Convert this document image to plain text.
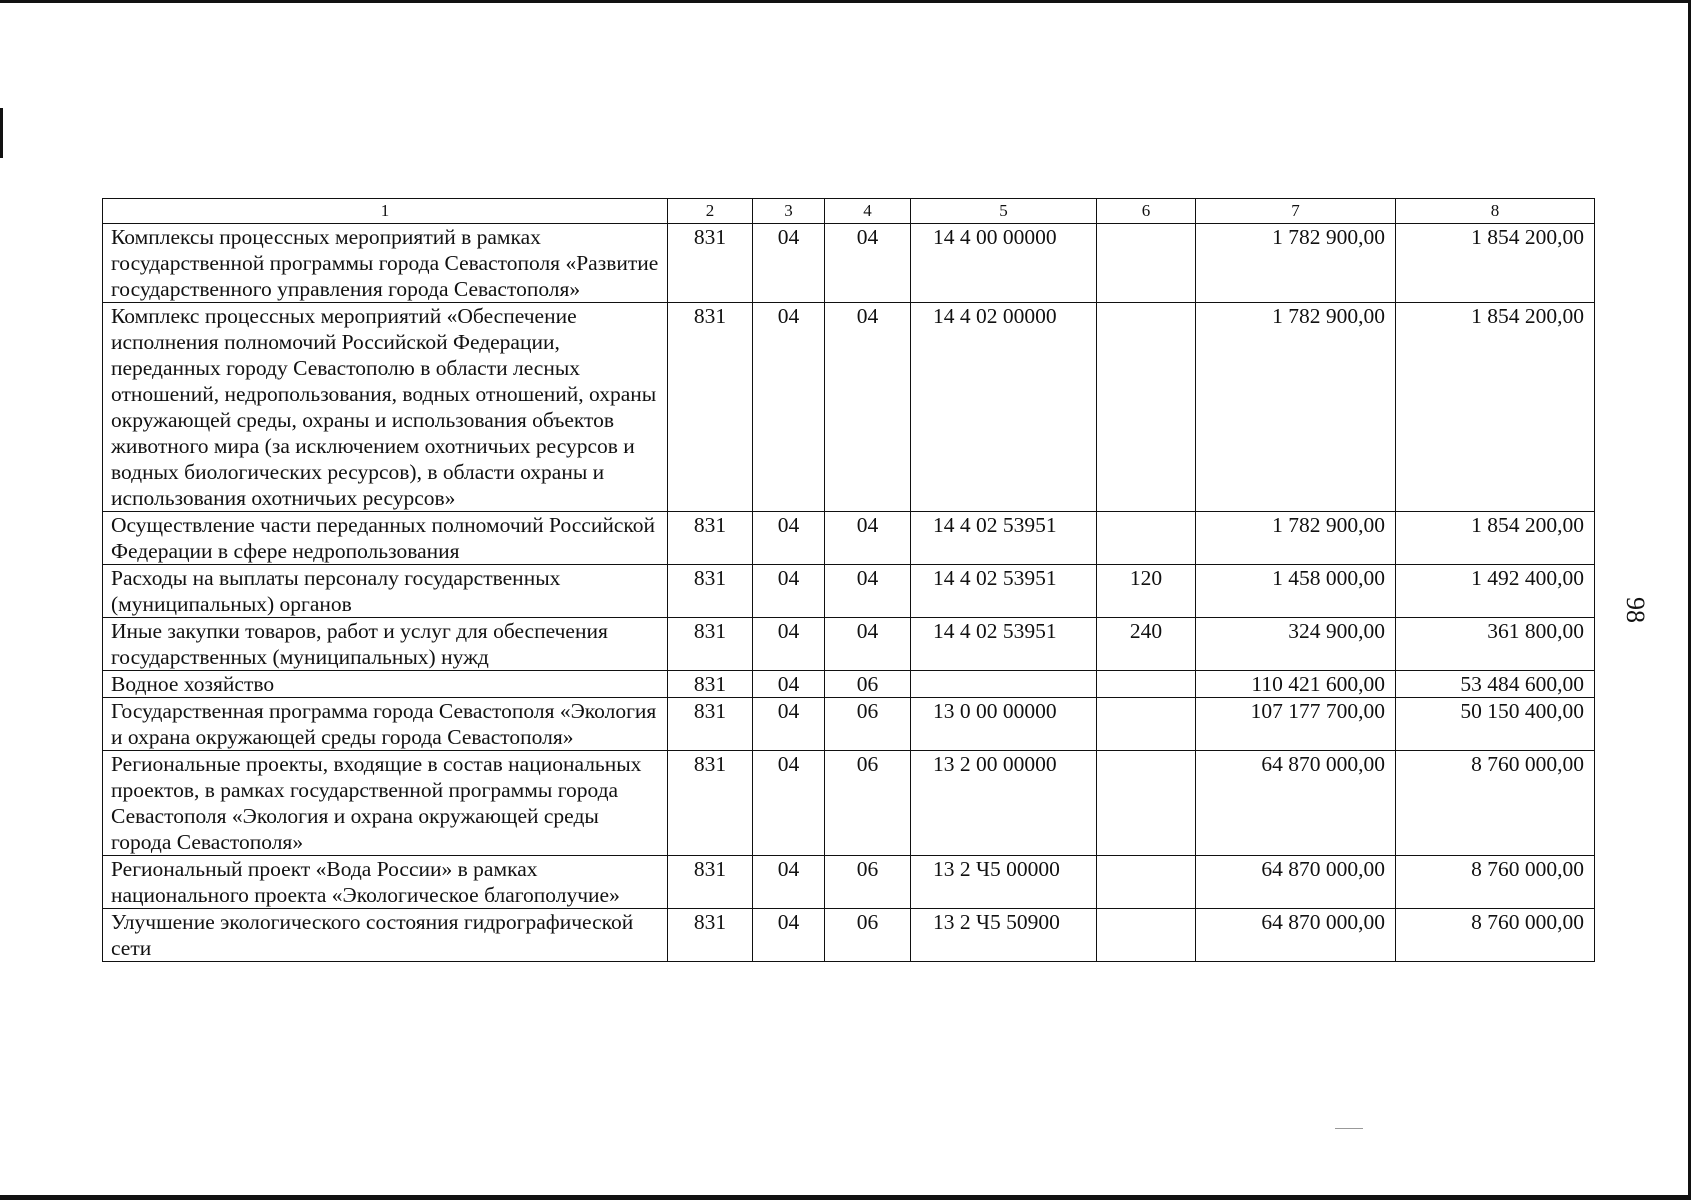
98
1	2	3	4	5	6	7	8
Комплексы процессных мероприятий в рамках государственной программы города Севастополя «Развитие государственного управления города Севастополя»	831	04	04	14 4 00 00000		1 782 900,00	1 854 200,00
Комплекс процессных мероприятий «Обеспечение исполнения полномочий Российской Федерации, переданных городу Севастополю в области лесных отношений, недропользования, водных отношений, охраны окружающей среды, охраны и использования объектов животного мира (за исключением охотничьих ресурсов и водных биологических ресурсов), в области охраны и использования охотничьих ресурсов»	831	04	04	14 4 02 00000		1 782 900,00	1 854 200,00
Осуществление части переданных полномочий Российской Федерации в сфере недропользования	831	04	04	14 4 02 53951		1 782 900,00	1 854 200,00
Расходы на выплаты персоналу государственных (муниципальных) органов	831	04	04	14 4 02 53951	120	1 458 000,00	1 492 400,00
Иные закупки товаров, работ и услуг для обеспечения государственных (муниципальных) нужд	831	04	04	14 4 02 53951	240	324 900,00	361 800,00
Водное хозяйство	831	04	06			110 421 600,00	53 484 600,00
Государственная программа города Севастополя «Экология и охрана окружающей среды города Севастополя»	831	04	06	13 0 00 00000		107 177 700,00	50 150 400,00
Региональные проекты, входящие в состав национальных проектов, в рамках государственной программы города Севастополя «Экология и охрана окружающей среды города Севастополя»	831	04	06	13 2 00 00000		64 870 000,00	8 760 000,00
Региональный проект «Вода России» в рамках национального проекта «Экологическое благополучие»	831	04	06	13 2 Ч5 00000		64 870 000,00	8 760 000,00
Улучшение экологического состояния гидрографической сети	831	04	06	13 2 Ч5 50900		64 870 000,00	8 760 000,00
